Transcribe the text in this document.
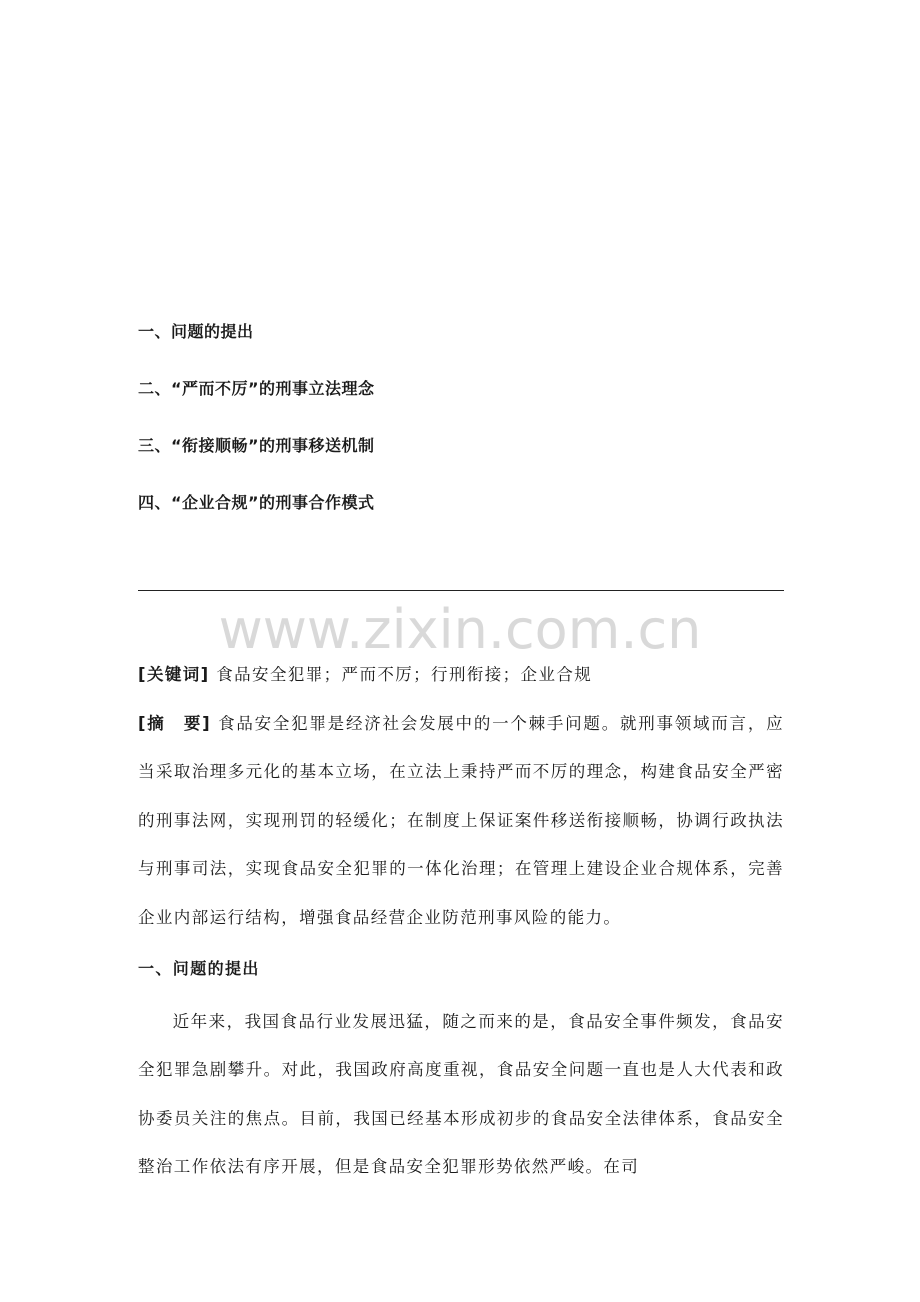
一、问题的提出
二、“严而不厉”的刑事立法理念
三、“衔接顺畅”的刑事移送机制
四、“企业合规”的刑事合作模式
www.zixin.com.cn

[关键词] 食品安全犯罪；严而不厉；行刑衔接；企业合规

[摘　要] 食品安全犯罪是经济社会发展中的一个棘手问题。就刑事领域而言，应当采取治理多元化的基本立场，在立法上秉持严而不厉的理念，构建食品安全严密的刑事法网，实现刑罚的轻缓化；在制度上保证案件移送衔接顺畅，协调行政执法与刑事司法，实现食品安全犯罪的一体化治理；在管理上建设企业合规体系，完善企业内部运行结构，增强食品经营企业防范刑事风险的能力。

一、问题的提出

近年来，我国食品行业发展迅猛，随之而来的是，食品安全事件频发，食品安全犯罪急剧攀升。对此，我国政府高度重视，食品安全问题一直也是人大代表和政协委员关注的焦点。目前，我国已经基本形成初步的食品安全法律体系，食品安全整治工作依法有序开展，但是食品安全犯罪形势依然严峻。在司
